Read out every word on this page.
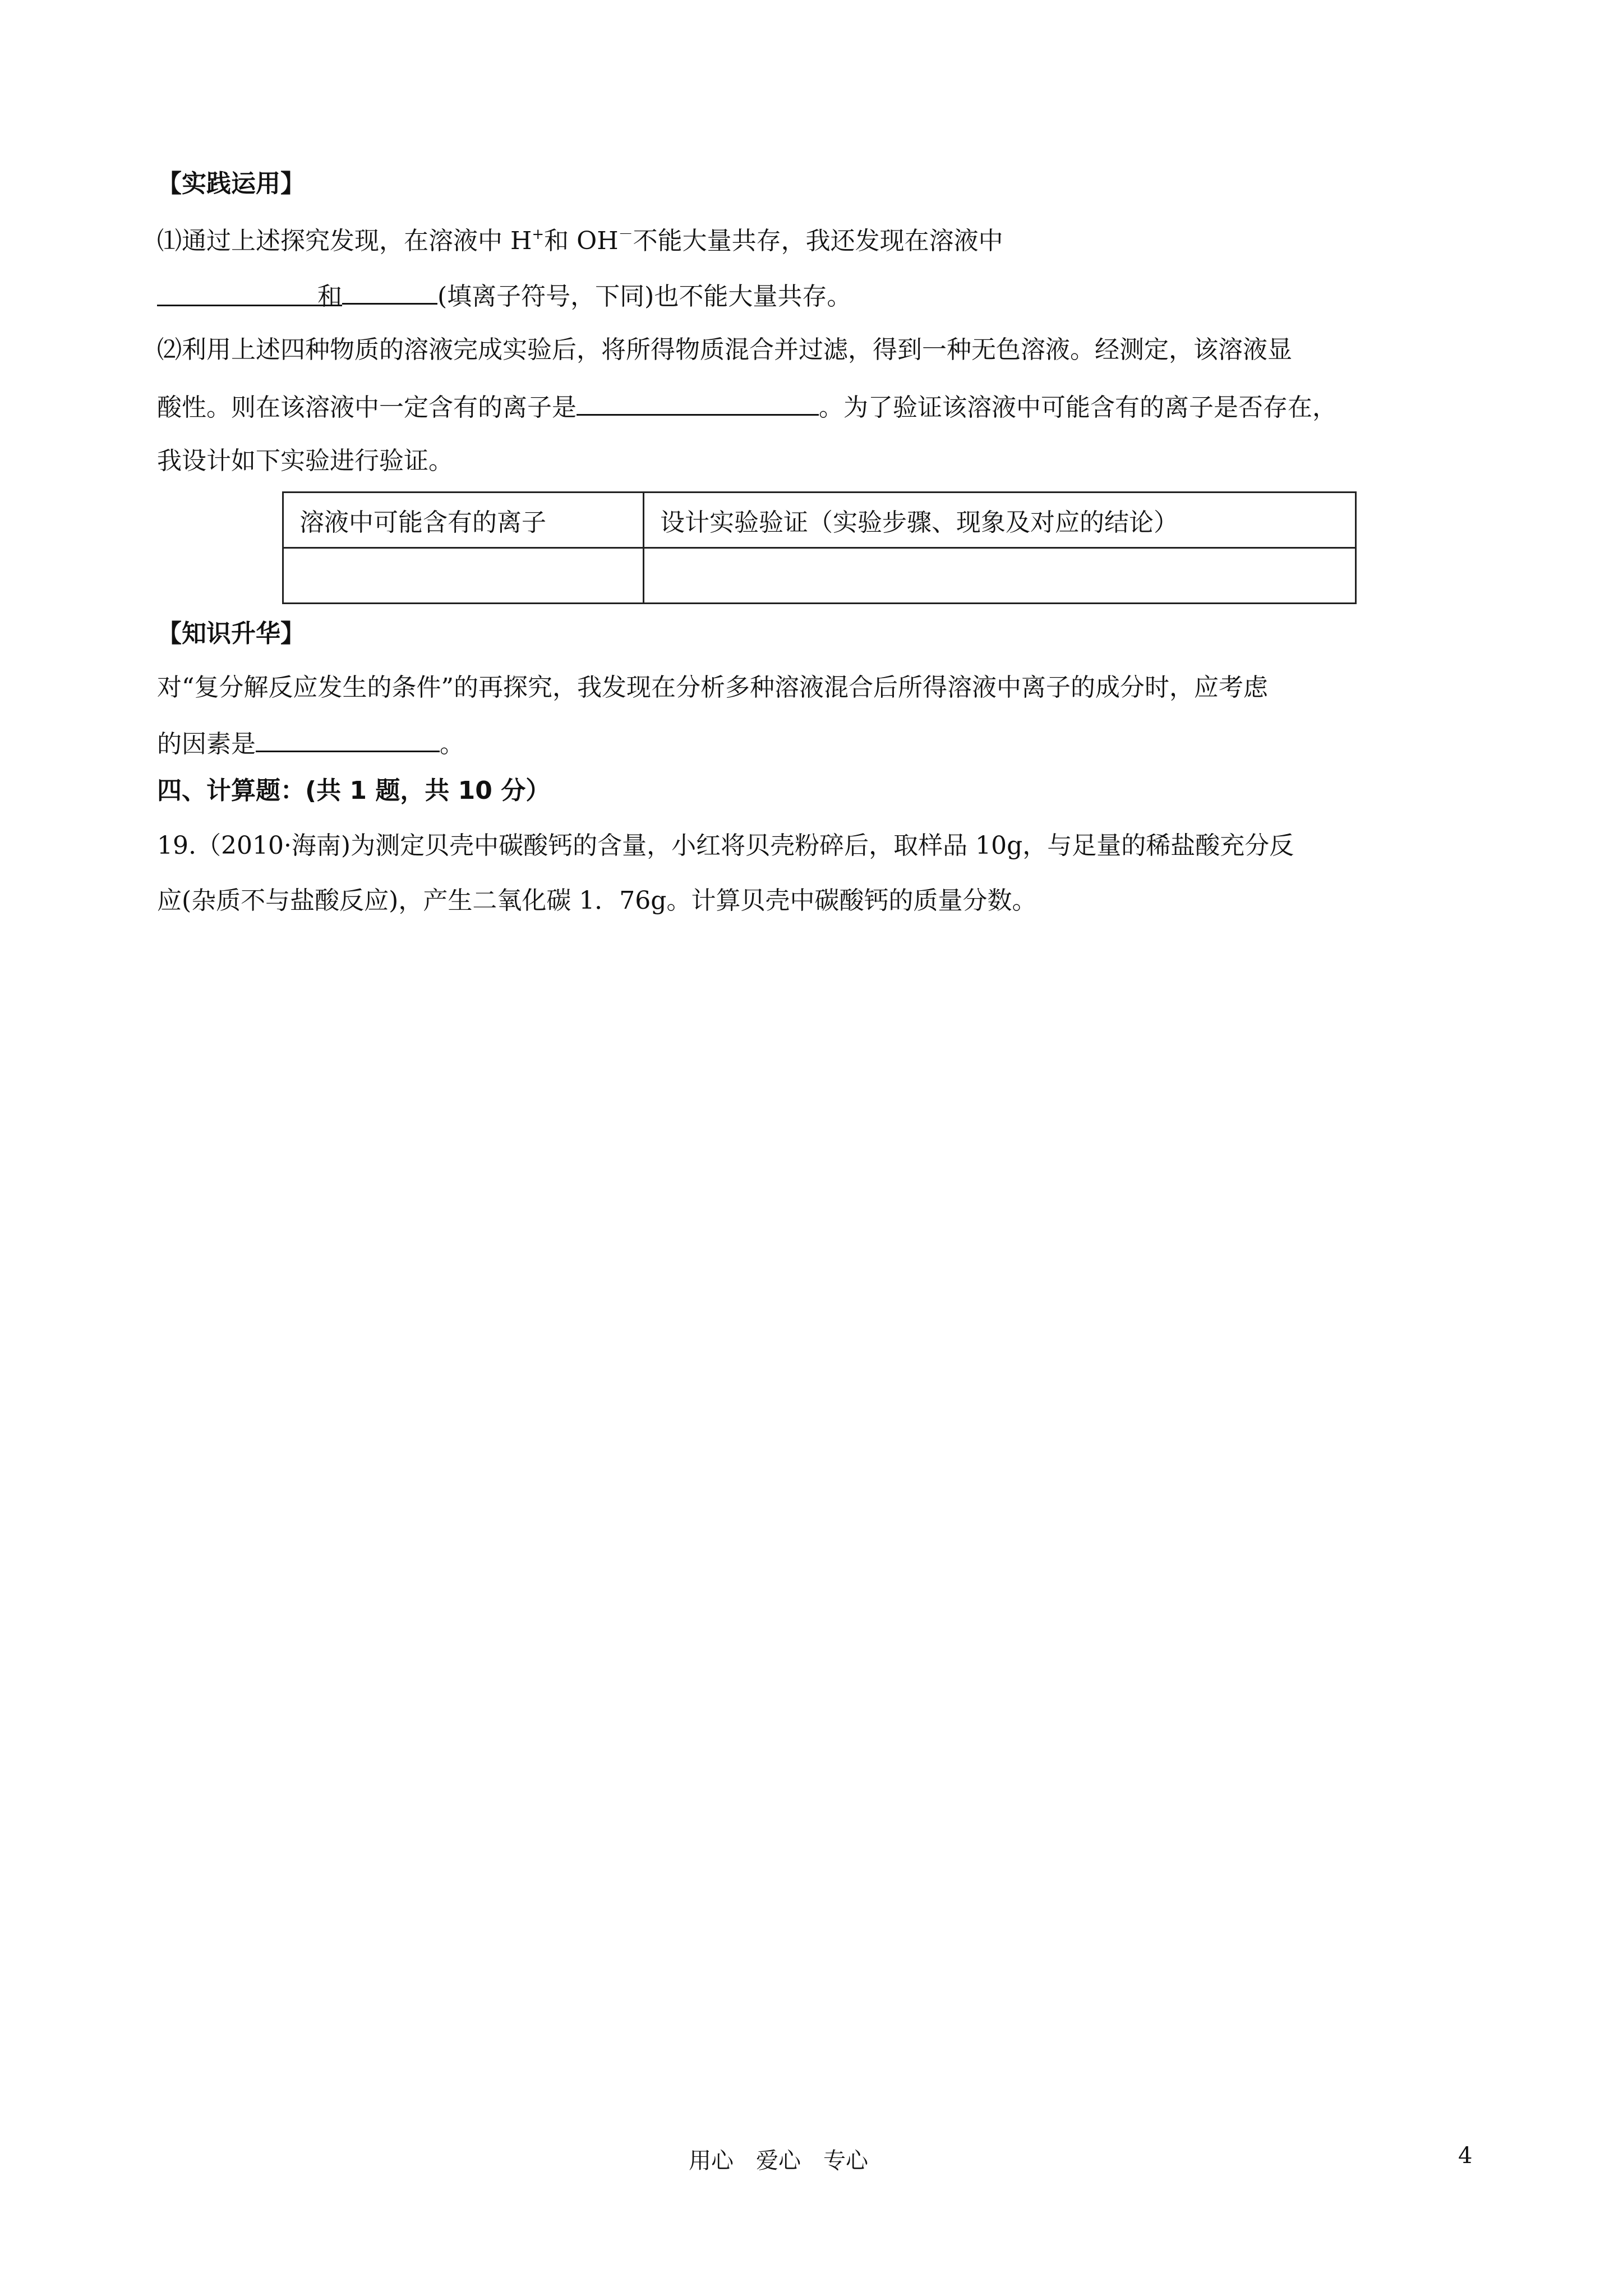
【实践运用】
⑴通过上述探究发现，在溶液中 H+和 OH－不能大量共存，我还发现在溶液中
和	(填离子符号，下同)也不能大量共存。
⑵利用上述四种物质的溶液完成实验后，将所得物质混合并过滤，得到一种无色溶液。经测定，该溶液显
酸性。则在该溶液中一定含有的离子是	。为了验证该溶液中可能含有的离子是否存在，
我设计如下实验进行验证。
溶液中可能含有的离子	设计实验验证（实验步骤、现象及对应的结论）

【知识升华】
对“复分解反应发生的条件”的再探究，我发现在分析多种溶液混合后所得溶液中离子的成分时，应考虑
的因素是	。
四、计算题：(共 1 题，共 10 分）
19.（2010·海南)为测定贝壳中碳酸钙的含量，小红将贝壳粉碎后，取样品 10g，与足量的稀盐酸充分反
应(杂质不与盐酸反应)，产生二氧化碳 1．76g。计算贝壳中碳酸钙的质量分数。
用心　爱心　专心	4
